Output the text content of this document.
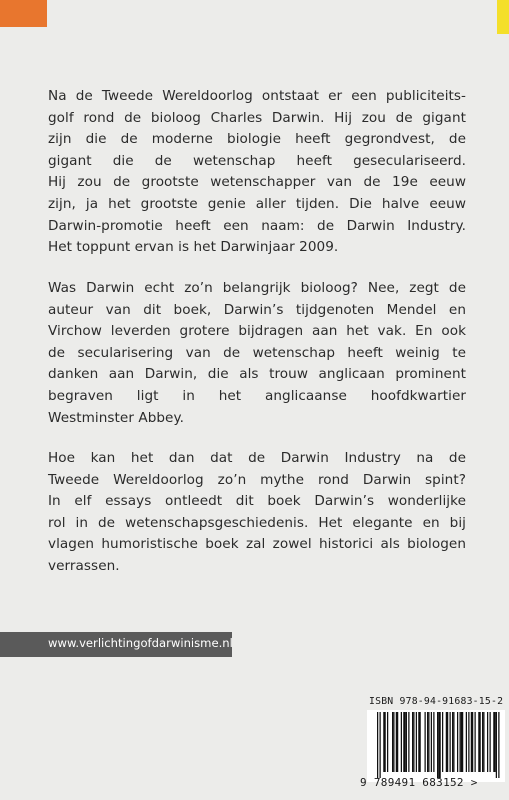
Na de Tweede Wereldoorlog ontstaat er een publiciteits-
golf rond de bioloog Charles Darwin. Hij zou de gigant
zijn die de moderne biologie heeft gegrondvest, de
gigant die de wetenschap heeft geseculariseerd.
Hij zou de grootste wetenschapper van de 19e eeuw
zijn, ja het grootste genie aller tijden. Die halve eeuw
Darwin-promotie heeft een naam: de Darwin Industry.
Het toppunt ervan is het Darwinjaar 2009.
Was Darwin echt zo’n belangrijk bioloog? Nee, zegt de
auteur van dit boek, Darwin’s tijdgenoten Mendel en
Virchow leverden grotere bijdragen aan het vak. En ook
de secularisering van de wetenschap heeft weinig te
danken aan Darwin, die als trouw anglicaan prominent
begraven ligt in het anglicaanse hoofdkwartier
Westminster Abbey.
Hoe kan het dan dat de Darwin Industry na de
Tweede Wereldoorlog zo’n mythe rond Darwin spint?
In elf essays ontleedt dit boek Darwin’s wonderlijke
rol in de wetenschapsgeschiedenis. Het elegante en bij
vlagen humoristische boek zal zowel historici als biologen
verrassen.
www.verlichtingofdarwinisme.nl
ISBN 978-94-91683-15-2
9 789491 683152 >
